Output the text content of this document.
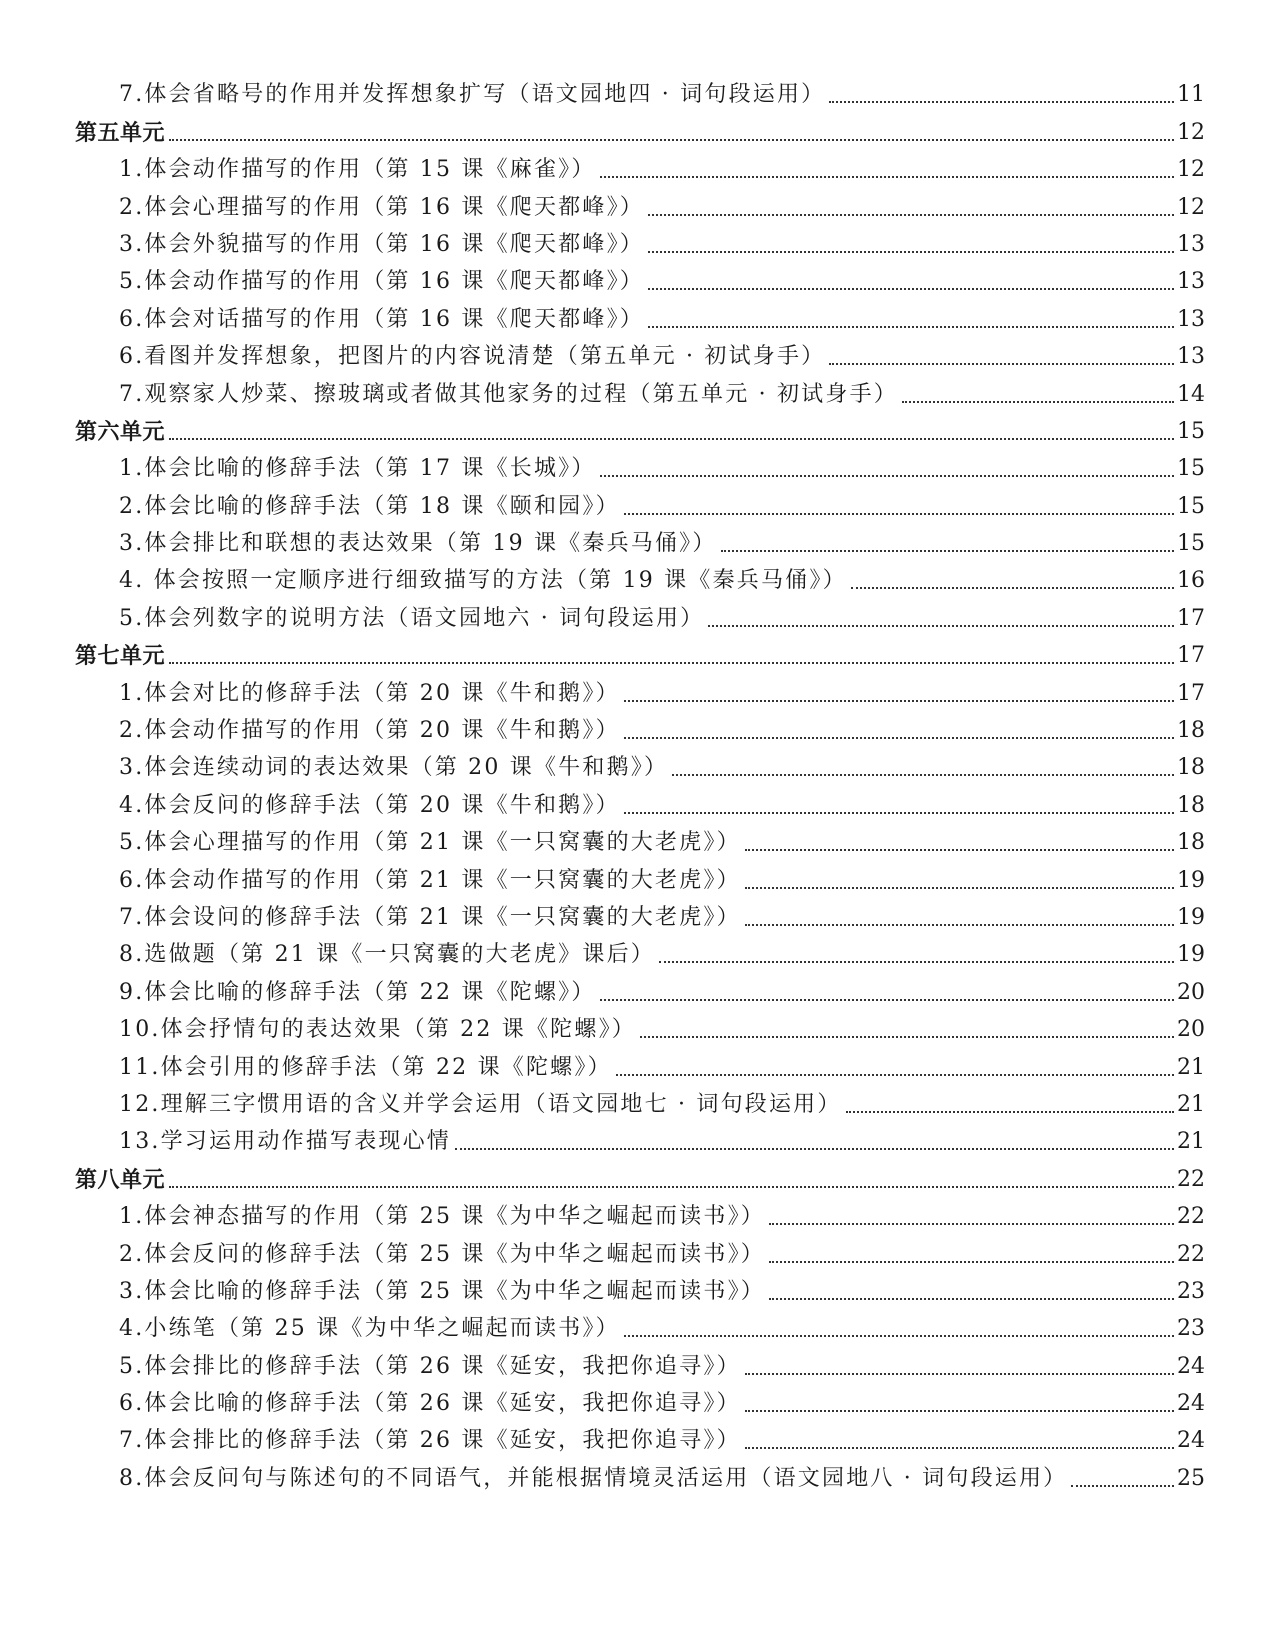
7.体会省略号的作用并发挥想象扩写（语文园地四 · 词句段运用）	11
第五单元	12
1.体会动作描写的作用（第 15 课《麻雀》）	12
2.体会心理描写的作用（第 16 课《爬天都峰》）	12
3.体会外貌描写的作用（第 16 课《爬天都峰》）	13
5.体会动作描写的作用（第 16 课《爬天都峰》）	13
6.体会对话描写的作用（第 16 课《爬天都峰》）	13
6.看图并发挥想象，把图片的内容说清楚（第五单元 · 初试身手）	13
7.观察家人炒菜、擦玻璃或者做其他家务的过程（第五单元 · 初试身手）	14
第六单元	15
1.体会比喻的修辞手法（第 17 课《长城》）	15
2.体会比喻的修辞手法（第 18 课《颐和园》）	15
3.体会排比和联想的表达效果（第 19 课《秦兵马俑》）	15
4. 体会按照一定顺序进行细致描写的方法（第 19 课《秦兵马俑》）	16
5.体会列数字的说明方法（语文园地六 · 词句段运用）	17
第七单元	17
1.体会对比的修辞手法（第 20 课《牛和鹅》）	17
2.体会动作描写的作用（第 20 课《牛和鹅》）	18
3.体会连续动词的表达效果（第 20 课《牛和鹅》）	18
4.体会反问的修辞手法（第 20 课《牛和鹅》）	18
5.体会心理描写的作用（第 21 课《一只窝囊的大老虎》）	18
6.体会动作描写的作用（第 21 课《一只窝囊的大老虎》）	19
7.体会设问的修辞手法（第 21 课《一只窝囊的大老虎》）	19
8.选做题（第 21 课《一只窝囊的大老虎》课后）	19
9.体会比喻的修辞手法（第 22 课《陀螺》）	20
10.体会抒情句的表达效果（第 22 课《陀螺》）	20
11.体会引用的修辞手法（第 22 课《陀螺》）	21
12.理解三字惯用语的含义并学会运用（语文园地七 · 词句段运用）	21
13.学习运用动作描写表现心情	21
第八单元	22
1.体会神态描写的作用（第 25 课《为中华之崛起而读书》）	22
2.体会反问的修辞手法（第 25 课《为中华之崛起而读书》）	22
3.体会比喻的修辞手法（第 25 课《为中华之崛起而读书》）	23
4.小练笔（第 25 课《为中华之崛起而读书》）	23
5.体会排比的修辞手法（第 26 课《延安，我把你追寻》）	24
6.体会比喻的修辞手法（第 26 课《延安，我把你追寻》）	24
7.体会排比的修辞手法（第 26 课《延安，我把你追寻》）	24
8.体会反问句与陈述句的不同语气，并能根据情境灵活运用（语文园地八 · 词句段运用）	25
